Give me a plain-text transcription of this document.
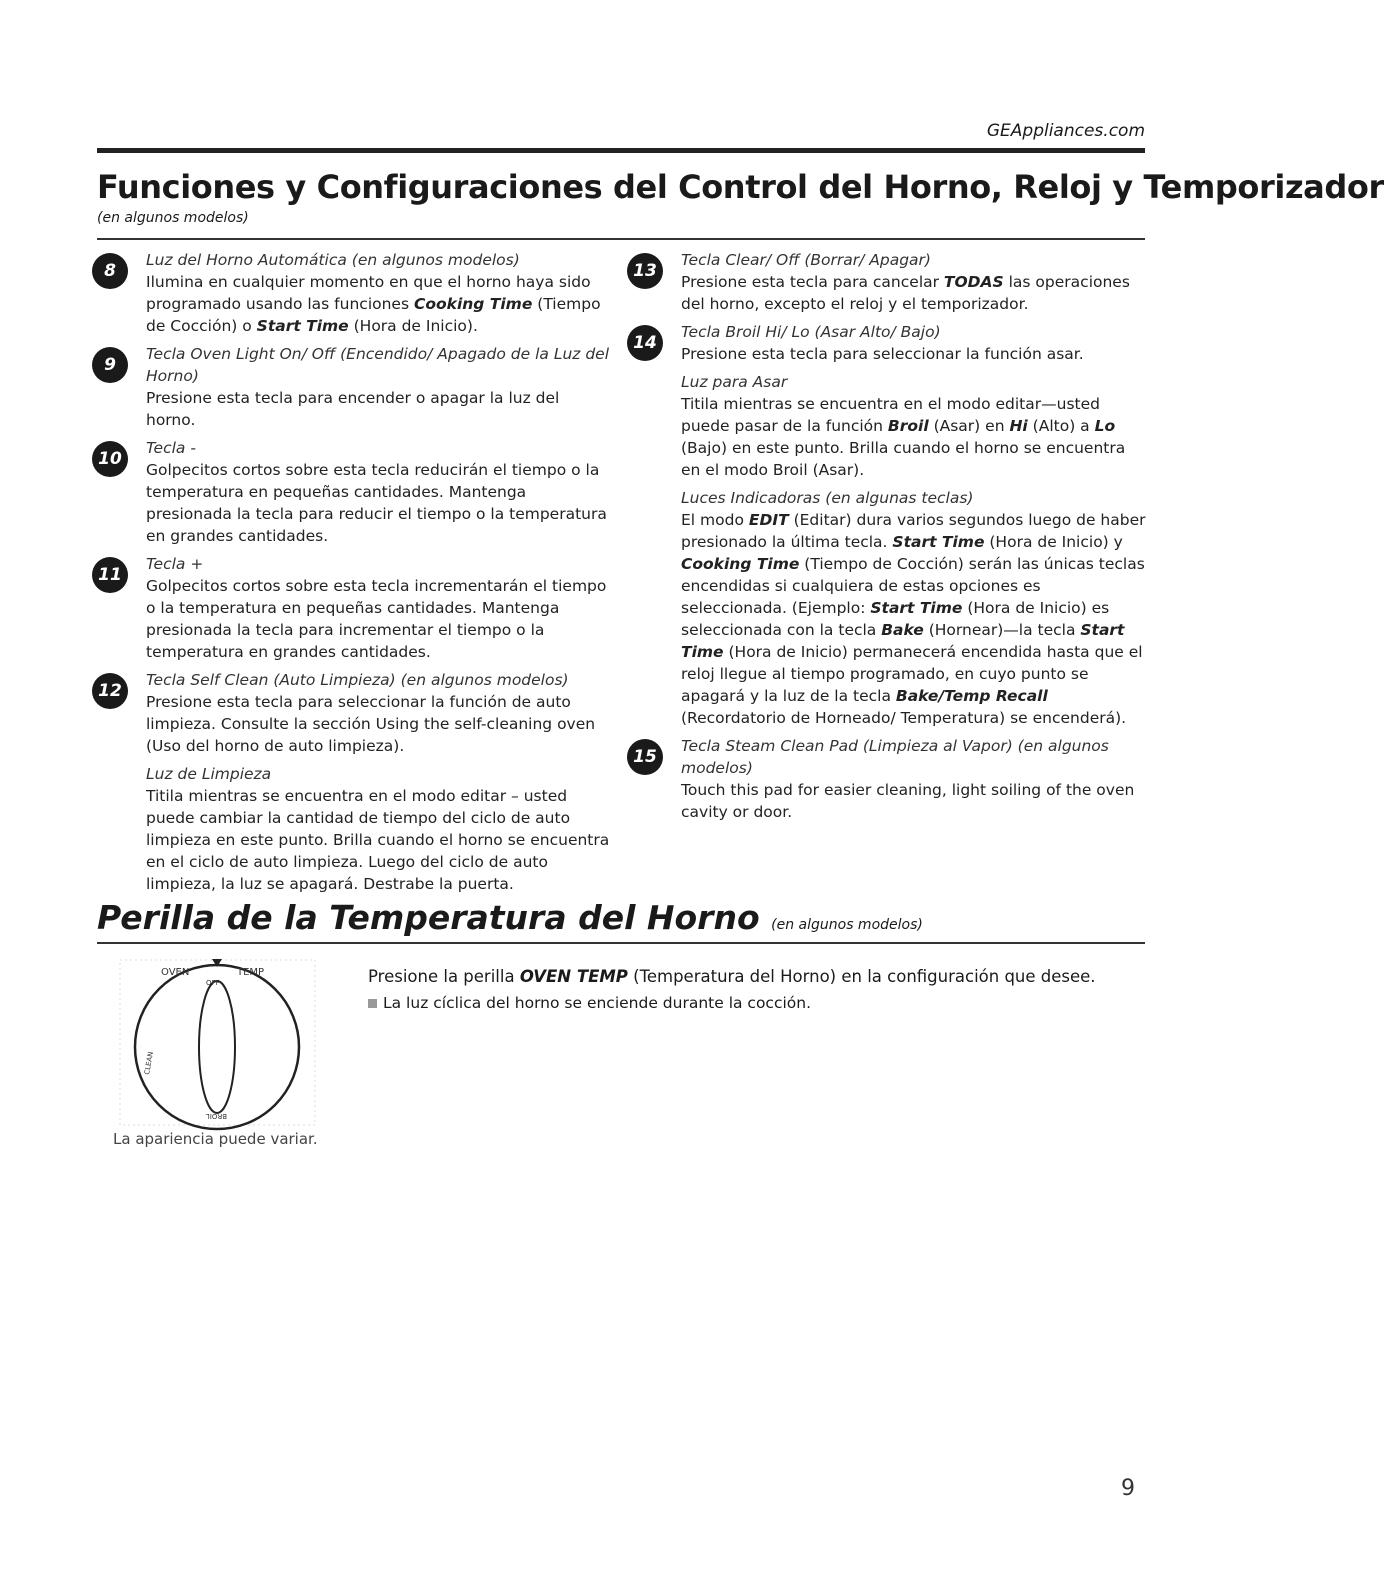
GEAppliances.com
Funciones y Configuraciones del Control del Horno, Reloj y Temporizador
(en algunos modelos)
8
Luz del Horno Automática (en algunos modelos)
Ilumina en cualquier momento en que el horno haya sido programado usando las funciones Cooking Time (Tiempo de Cocción) o Start Time (Hora de Inicio).
9
Tecla Oven Light On/ Off (Encendido/ Apagado de la Luz del Horno)
Presione esta tecla para encender o apagar la luz del horno.
10
Tecla -
Golpecitos cortos sobre esta tecla reducirán el tiempo o la temperatura en pequeñas cantidades. Mantenga presionada la tecla para reducir el tiempo o la temperatura en grandes cantidades.
11
Tecla +
Golpecitos cortos sobre esta tecla incrementarán el tiempo o la temperatura en pequeñas cantidades. Mantenga presionada la tecla para incrementar el tiempo o la temperatura en grandes cantidades.
12
Tecla Self Clean (Auto Limpieza) (en algunos modelos)
Presione esta tecla para seleccionar la función de auto limpieza. Consulte la sección Using the self-cleaning oven (Uso del horno de auto limpieza).
Luz de Limpieza
Titila mientras se encuentra en el modo editar – usted puede cambiar la cantidad de tiempo del ciclo de auto limpieza en este punto. Brilla cuando el horno se encuentra en el ciclo de auto limpieza. Luego del ciclo de auto limpieza, la luz se apagará. Destrabe la puerta.
13
Tecla Clear/ Off (Borrar/ Apagar)
Presione esta tecla para cancelar TODAS las operaciones del horno, excepto el reloj y el temporizador.
14
Tecla Broil Hi/ Lo (Asar Alto/ Bajo)
Presione esta tecla para seleccionar la función asar.
Luz para Asar
Titila mientras se encuentra en el modo editar—usted puede pasar de la función Broil (Asar) en Hi (Alto) a Lo (Bajo) en este punto. Brilla cuando el horno se encuentra en el modo Broil (Asar).
Luces Indicadoras (en algunas teclas)
El modo EDIT (Editar) dura varios segundos luego de haber presionado la última tecla. Start Time (Hora de Inicio) y Cooking Time (Tiempo de Cocción) serán las únicas teclas encendidas si cualquiera de estas opciones es seleccionada. (Ejemplo: Start Time (Hora de Inicio) es seleccionada con la tecla Bake (Hornear)—la tecla Start Time (Hora de Inicio) permanecerá encendida hasta que el reloj llegue al tiempo programado, en cuyo punto se apagará y la luz de la tecla Bake/Temp Recall (Recordatorio de Horneado/ Temperatura) se encenderá).
15
Tecla Steam Clean Pad (Limpieza al Vapor) (en algunos modelos)
Touch this pad for easier cleaning, light soiling of the oven cavity or door.
Perilla de la Temperatura del Horno (en algunos modelos)
OVEN	TEMP
OFF
CLEAN
BROIL
La apariencia puede variar.
Presione la perilla OVEN TEMP (Temperatura del Horno) en la configuración que desee.
La luz cíclica del horno se enciende durante la cocción.
9
